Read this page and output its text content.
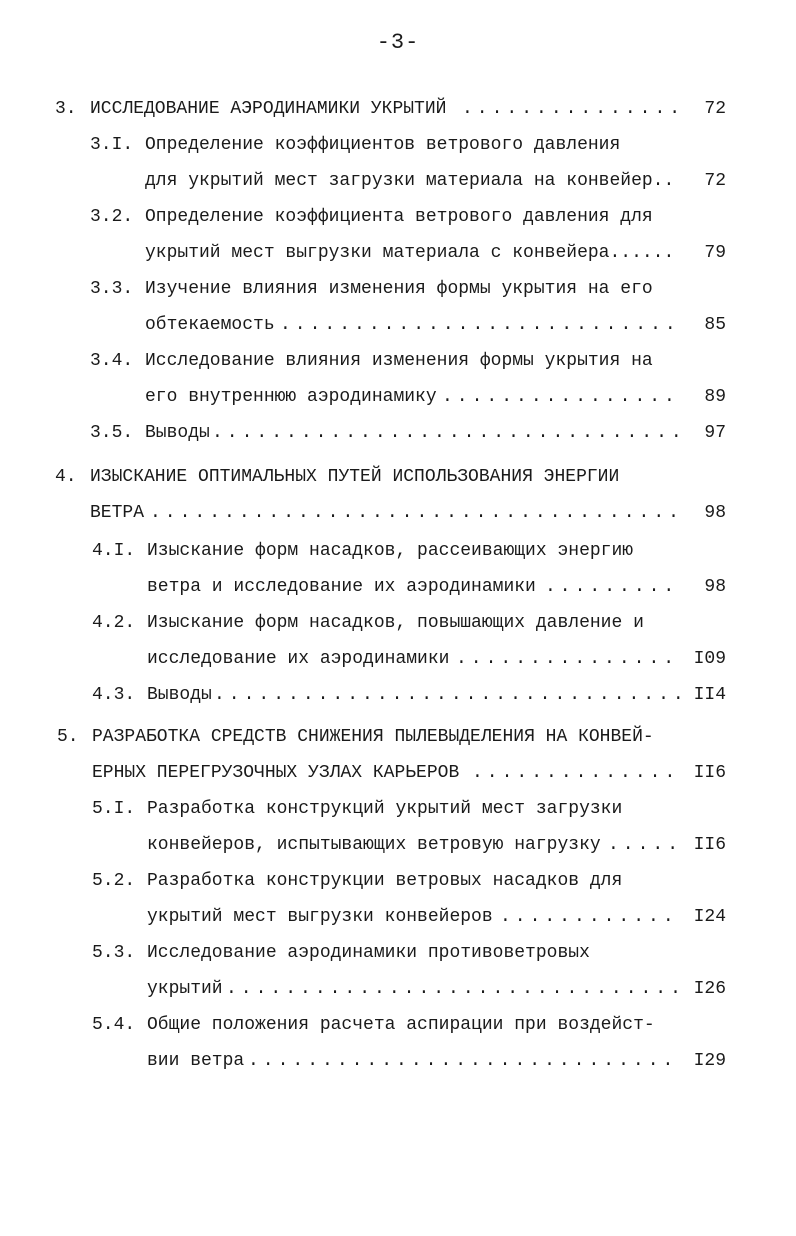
-3-
3. ИССЛЕДОВАНИЕ АЭРОДИНАМИКИ УКРЫТИЙ . . .	72
3.I. Определение коэффициентов ветрового давления
для укрытий мест загрузки материала на конвейер.. 72
3.2. Определение коэффициента ветрового давления для
укрытий мест выгрузки материала с конвейера...... 79
3.3. Изучение влияния изменения формы укрытия на его
обтекаемость . . .	85
3.4. Исследование влияния изменения формы укрытия на
его внутреннюю аэродинамику . . .	89
3.5. Выводы . . .	97
4. ИЗЫСКАНИЕ ОПТИМАЛЬНЫХ ПУТЕЙ ИСПОЛЬЗОВАНИЯ ЭНЕРГИИ
ВЕТРА . . .	98
4.I. Изыскание форм насадков, рассеивающих энергию
ветра и исследование их аэродинамики . . .	98
4.2. Изыскание форм насадков, повышающих давление и
исследование их аэродинамики . . .	I09
4.3. Выводы . . .	II4
5. РАЗРАБОТКА СРЕДСТВ СНИЖЕНИЯ ПЫЛЕВЫДЕЛЕНИЯ НА КОНВЕЙ-
ЕРНЫХ ПЕРЕГРУЗОЧНЫХ УЗЛАХ КАРЬЕРОВ . . .	II6
5.I. Разработка конструкций укрытий мест загрузки
конвейеров, испытывающих ветровую нагрузку . . .	II6
5.2. Разработка конструкции ветровых насадков для
укрытий мест выгрузки конвейеров . . .	I24
5.3. Исследование аэродинамики противоветровых
укрытий . . .	I26
5.4. Общие положения расчета аспирации при воздейст-
вии ветра . . .	I29
